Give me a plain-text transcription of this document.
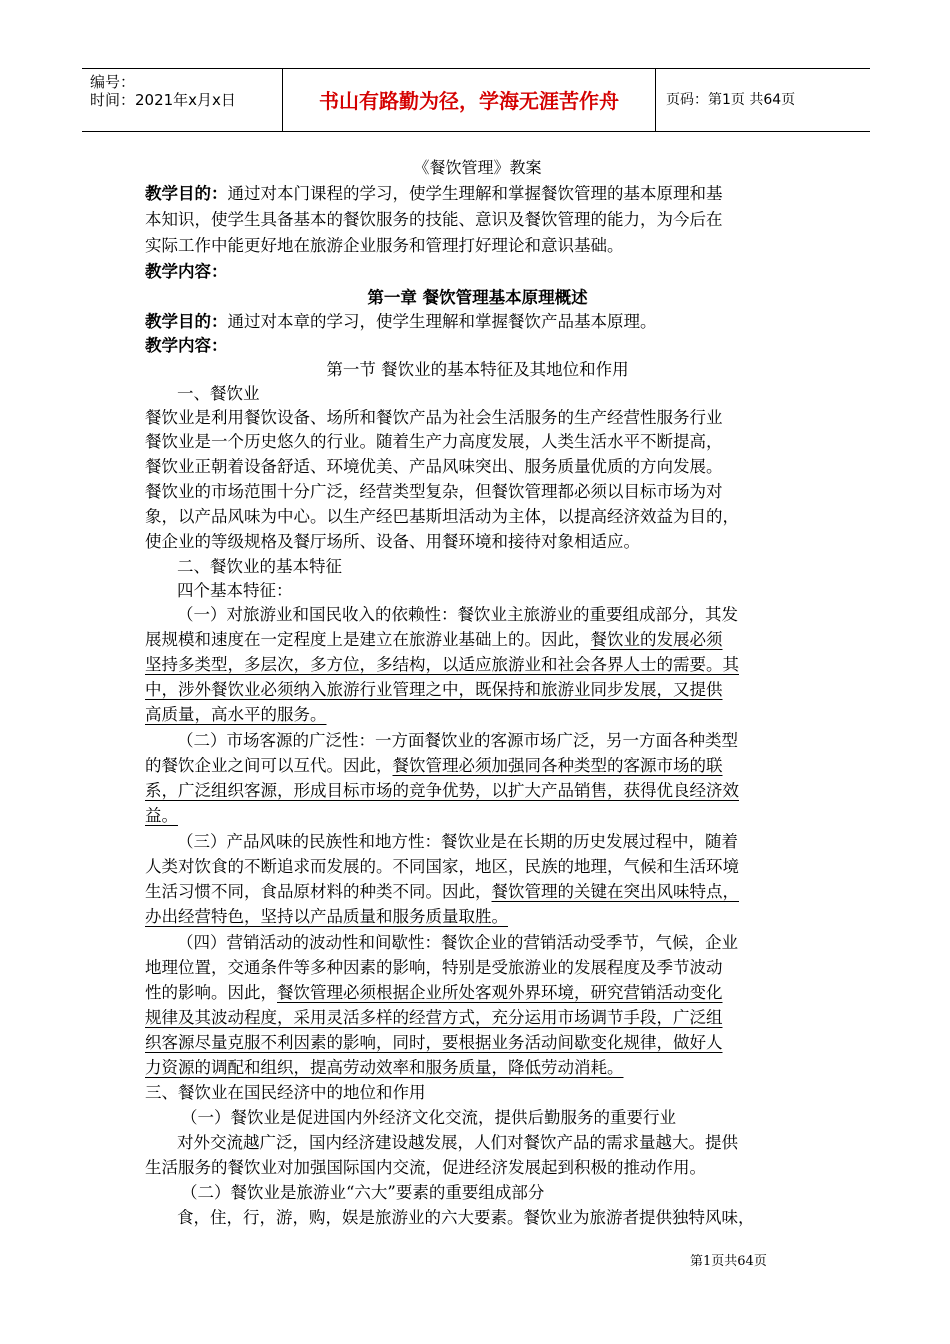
编号：
时间：2021年x月x日	书山有路勤为径，学海无涯苦作舟	页码：第1页 共64页
《餐饮管理》教案
教学目的：通过对本门课程的学习，使学生理解和掌握餐饮管理的基本原理和基
本知识，使学生具备基本的餐饮服务的技能、意识及餐饮管理的能力，为今后在
实际工作中能更好地在旅游企业服务和管理打好理论和意识基础。
教学内容：
第一章 餐饮管理基本原理概述
教学目的：通过对本章的学习，使学生理解和掌握餐饮产品基本原理。
教学内容：
第一节 餐饮业的基本特征及其地位和作用
一、餐饮业
餐饮业是利用餐饮设备、场所和餐饮产品为社会生活服务的生产经营性服务行业
餐饮业是一个历史悠久的行业。随着生产力高度发展，人类生活水平不断提高，
餐饮业正朝着设备舒适、环境优美、产品风味突出、服务质量优质的方向发展。
餐饮业的市场范围十分广泛，经营类型复杂，但餐饮管理都必须以目标市场为对
象，以产品风味为中心。以生产经巴基斯坦活动为主体，以提高经济效益为目的，
使企业的等级规格及餐厅场所、设备、用餐环境和接待对象相适应。
二、餐饮业的基本特征
四个基本特征：
（一）对旅游业和国民收入的依赖性：餐饮业主旅游业的重要组成部分，其发
展规模和速度在一定程度上是建立在旅游业基础上的。因此，餐饮业的发展必须
坚持多类型，多层次，多方位，多结构，以适应旅游业和社会各界人士的需要。其
中，涉外餐饮业必须纳入旅游行业管理之中，既保持和旅游业同步发展，又提供
高质量，高水平的服务。
（二）市场客源的广泛性：一方面餐饮业的客源市场广泛，另一方面各种类型
的餐饮企业之间可以互代。因此，餐饮管理必须加强同各种类型的客源市场的联
系，广泛组织客源，形成目标市场的竞争优势，以扩大产品销售，获得优良经济效
益。
（三）产品风味的民族性和地方性：餐饮业是在长期的历史发展过程中，随着
人类对饮食的不断追求而发展的。不同国家，地区，民族的地理，气候和生活环境
生活习惯不同，食品原材料的种类不同。因此，餐饮管理的关键在突出风味特点，
办出经营特色，坚持以产品质量和服务质量取胜。
（四）营销活动的波动性和间歇性：餐饮企业的营销活动受季节，气候，企业
地理位置，交通条件等多种因素的影响，特别是受旅游业的发展程度及季节波动
性的影响。因此，餐饮管理必须根据企业所处客观外界环境，研究营销活动变化
规律及其波动程度，采用灵活多样的经营方式，充分运用市场调节手段，广泛组
织客源尽量克服不利因素的影响，同时，要根据业务活动间歇变化规律，做好人
力资源的调配和组织，提高劳动效率和服务质量，降低劳动消耗。
三、餐饮业在国民经济中的地位和作用
（一）餐饮业是促进国内外经济文化交流，提供后勤服务的重要行业
对外交流越广泛，国内经济建设越发展，人们对餐饮产品的需求量越大。提供
生活服务的餐饮业对加强国际国内交流，促进经济发展起到积极的推动作用。
（二）餐饮业是旅游业“六大”要素的重要组成部分
食，住，行，游，购，娱是旅游业的六大要素。餐饮业为旅游者提供独特风味，
第1页共64页
